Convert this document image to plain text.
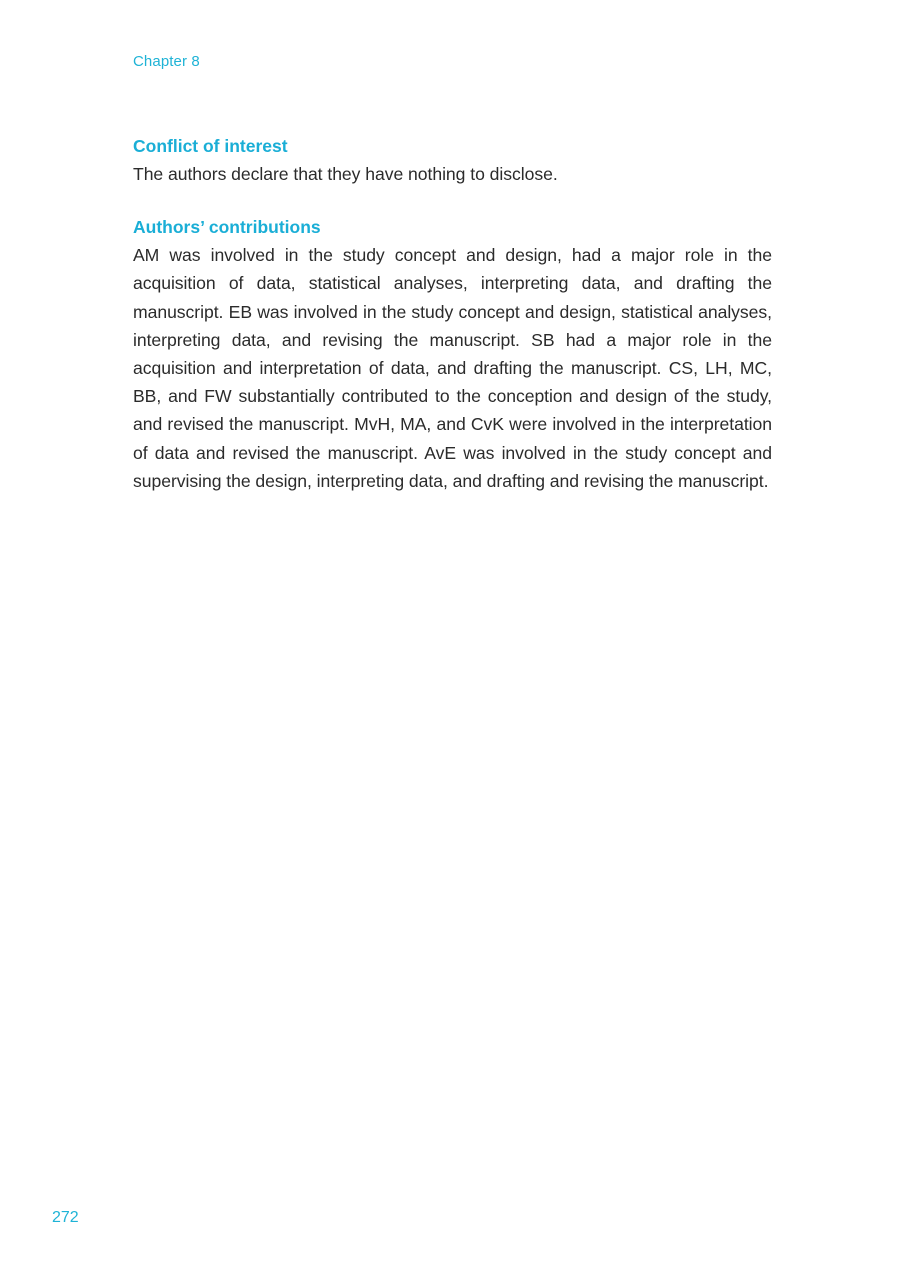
Chapter 8
Conflict of interest

The authors declare that they have nothing to disclose.

Authors’ contributions

AM was involved in the study concept and design, had a major role in the acquisition of data, statistical analyses, interpreting data, and drafting the manuscript. EB was involved in the study concept and design, statistical analyses, interpreting data, and revising the manuscript. SB had a major role in the acquisition and interpretation of data, and drafting the manuscript. CS, LH, MC, BB, and FW substantially contributed to the conception and design of the study, and revised the manuscript. MvH, MA, and CvK were involved in the interpretation of data and revised the manuscript. AvE was involved in the study concept and supervising the design, interpreting data, and drafting and revising the manuscript.

272
